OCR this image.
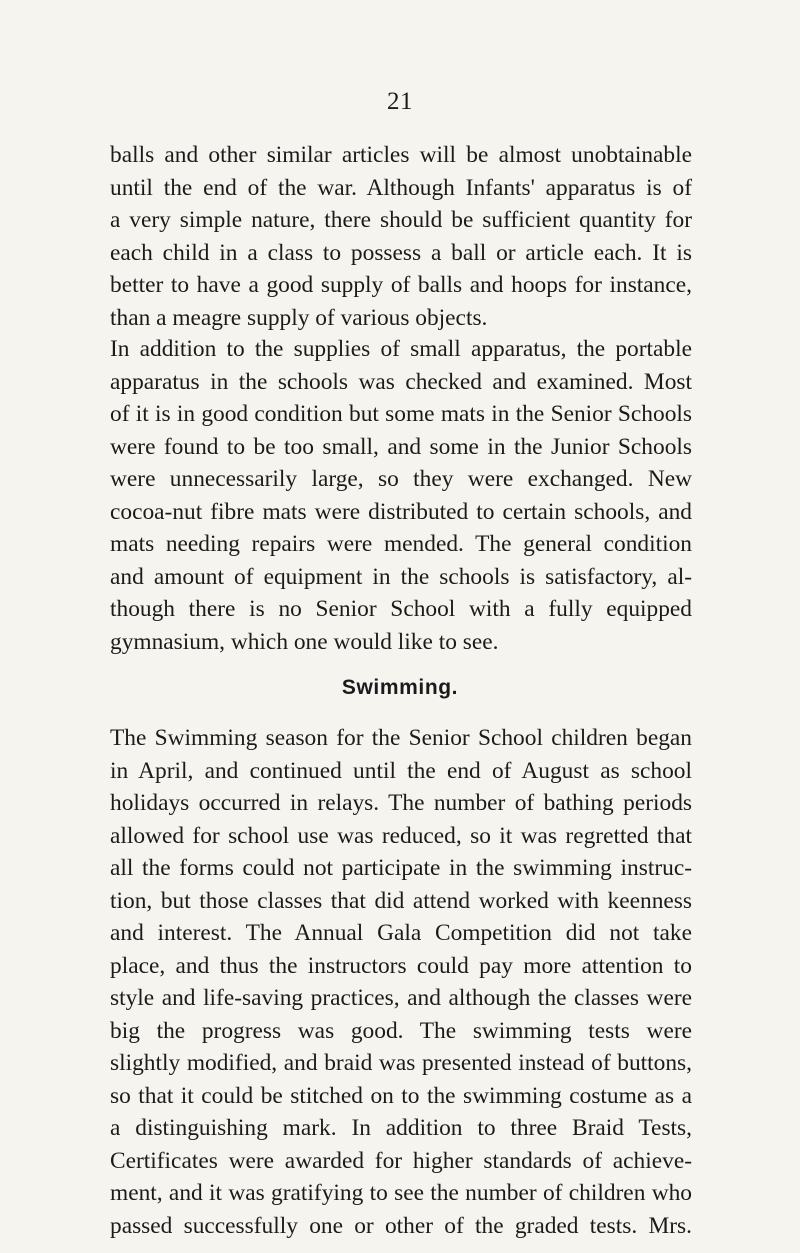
21
balls and other similar articles will be almost unobtainable
until the end of the war. Although Infants' apparatus is of
a very simple nature, there should be sufficient quantity for
each child in a class to possess a ball or article each. It is
better to have a good supply of balls and hoops for instance,
than a meagre supply of various objects.
In addition to the supplies of small apparatus, the portable
apparatus in the schools was checked and examined. Most
of it is in good condition but some mats in the Senior Schools
were found to be too small, and some in the Junior Schools
were unnecessarily large, so they were exchanged. New
cocoa-nut fibre mats were distributed to certain schools, and
mats needing repairs were mended. The general condition
and amount of equipment in the schools is satisfactory, al-
though there is no Senior School with a fully equipped
gymnasium, which one would like to see.
Swimming.
The Swimming season for the Senior School children began
in April, and continued until the end of August as school
holidays occurred in relays. The number of bathing periods
allowed for school use was reduced, so it was regretted that
all the forms could not participate in the swimming instruc-
tion, but those classes that did attend worked with keenness
and interest. The Annual Gala Competition did not take
place, and thus the instructors could pay more attention to
style and life-saving practices, and although the classes were
big the progress was good. The swimming tests were
slightly modified, and braid was presented instead of buttons,
so that it could be stitched on to the swimming costume as a
a distinguishing mark. In addition to three Braid Tests,
Certificates were awarded for higher standards of achieve-
ment, and it was gratifying to see the number of children who
passed successfully one or other of the graded tests. Mrs.
